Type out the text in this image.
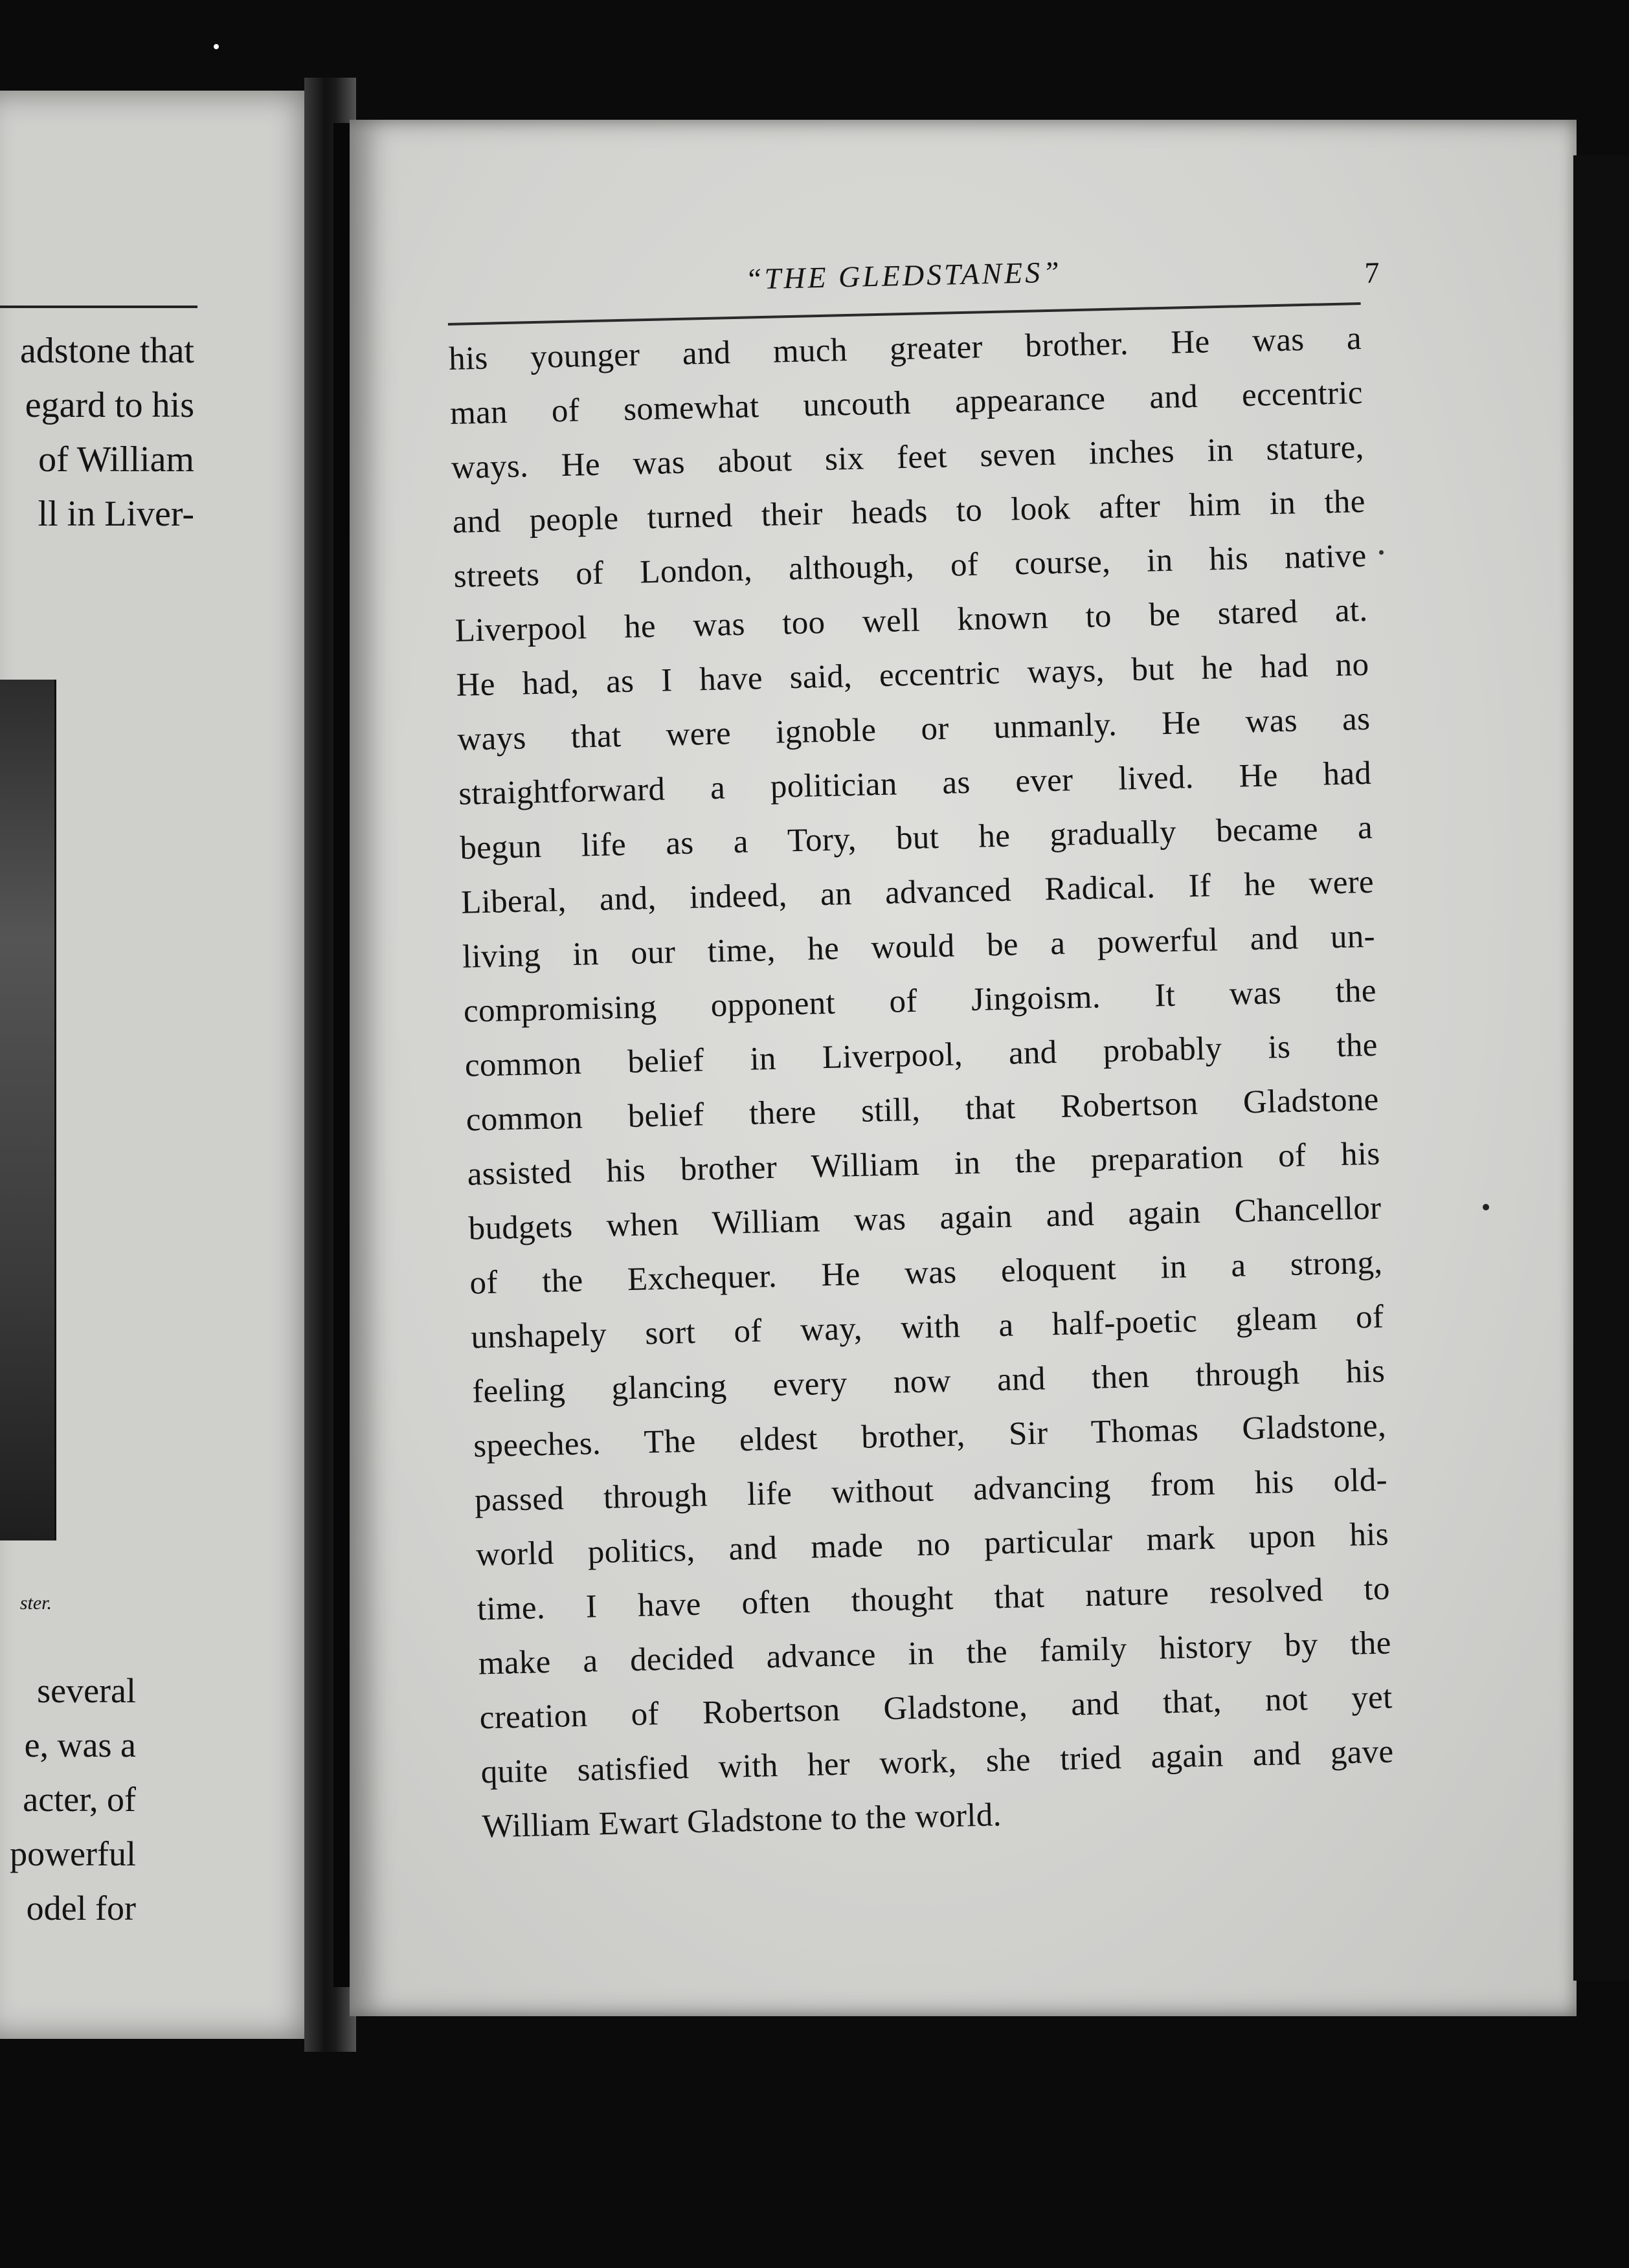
adstone that
egard to his
of William
ll in Liver-
ster.
several
e, was a
acter, of
powerful
odel for
“THE GLEDSTANES”	7
his younger and much greater brother. He was a
man of somewhat uncouth appearance and eccentric
ways. He was about six feet seven inches in stature,
and people turned their heads to look after him in the
streets of London, although, of course, in his native
Liverpool he was too well known to be stared at.
He had, as I have said, eccentric ways, but he had no
ways that were ignoble or unmanly. He was as
straightforward a politician as ever lived. He had
begun life as a Tory, but he gradually became a
Liberal, and, indeed, an advanced Radical. If he were
living in our time, he would be a powerful and un-
compromising opponent of Jingoism. It was the
common belief in Liverpool, and probably is the
common belief there still, that Robertson Gladstone
assisted his brother William in the preparation of his
budgets when William was again and again Chancellor
of the Exchequer. He was eloquent in a strong,
unshapely sort of way, with a half-poetic gleam of
feeling glancing every now and then through his
speeches. The eldest brother, Sir Thomas Gladstone,
passed through life without advancing from his old-
world politics, and made no particular mark upon his
time. I have often thought that nature resolved to
make a decided advance in the family history by the
creation of Robertson Gladstone, and that, not yet
quite satisfied with her work, she tried again and gave
William Ewart Gladstone to the world.
